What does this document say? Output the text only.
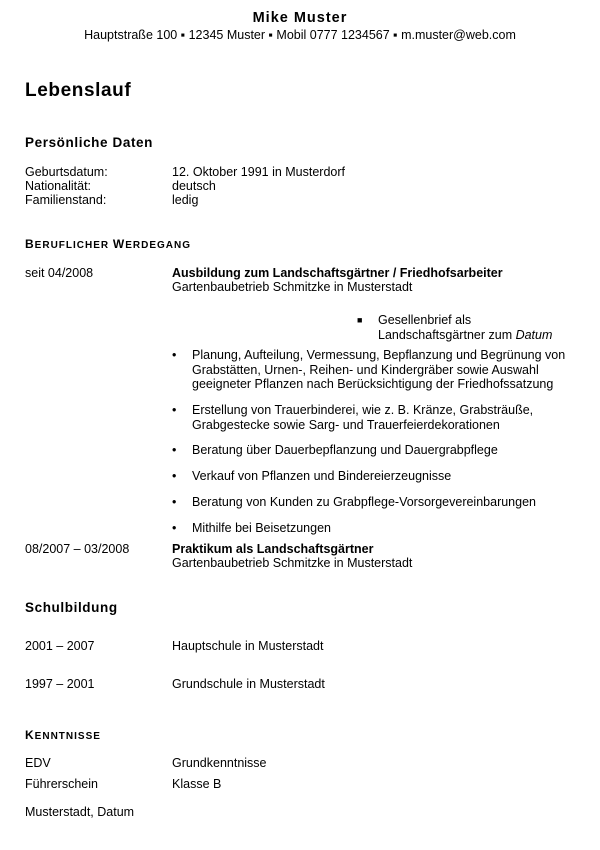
Mike Muster
Hauptstraße 100 ▪ 12345 Muster ▪ Mobil 0777 1234567 ▪ m.muster@web.com
Lebenslauf
Persönliche Daten
Geburtsdatum:	12. Oktober 1991 in Musterdorf
Nationalität:	deutsch
Familienstand:	ledig
BERUFLICHER WERDEGANG
seit 04/2008	Ausbildung zum Landschaftsgärtner / Friedhofsarbeiter
Gartenbaubetrieb Schmitzke in Musterstadt
■ Gesellenbrief als
Landschaftsgärtner zum Datum
• Planung, Aufteilung, Vermessung, Bepflanzung und Begrünung von Grabstätten, Urnen-, Reihen- und Kindergräber sowie Auswahl geeigneter Pflanzen nach Berücksichtigung der Friedhofssatzung
• Erstellung von Trauerbinderei, wie z. B. Kränze, Grabsträuße, Grabgestecke sowie Sarg- und Trauerfeierdekorationen
• Beratung über Dauerbepflanzung und Dauergrabpflege
• Verkauf von Pflanzen und Bindereierzeugnisse
• Beratung von Kunden zu Grabpflege-Vorsorgevereinbarungen
• Mithilfe bei Beisetzungen
08/2007 – 03/2008	Praktikum als Landschaftsgärtner
Gartenbaubetrieb Schmitzke in Musterstadt
Schulbildung
2001 – 2007	Hauptschule in Musterstadt
1997 – 2001	Grundschule in Musterstadt
KENNTNISSE
EDV	Grundkenntnisse
Führerschein	Klasse B
Musterstadt, Datum
